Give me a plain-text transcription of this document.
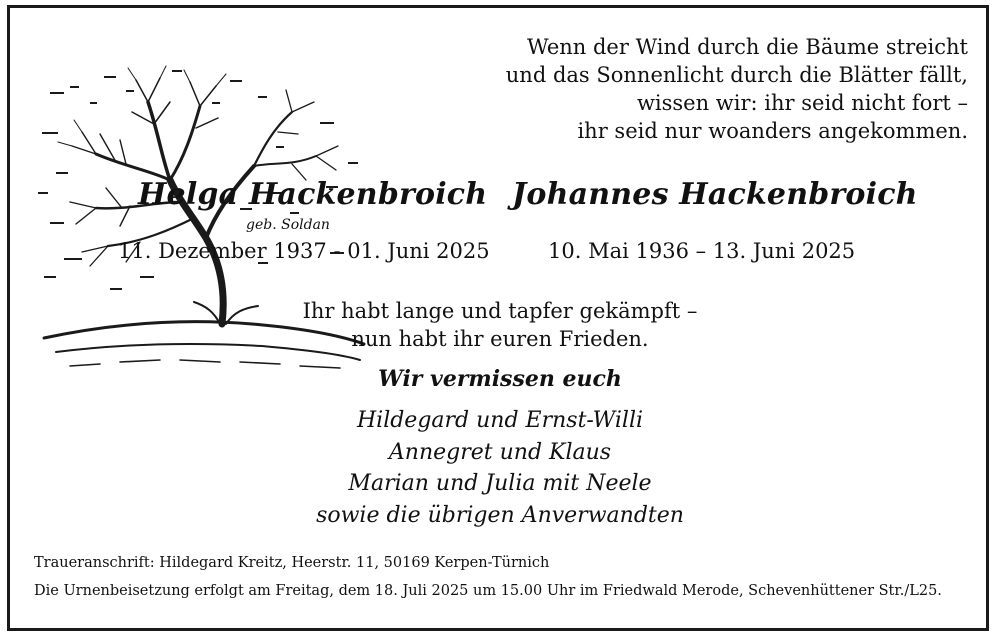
Wenn der Wind durch die Bäume streicht
und das Sonnenlicht durch die Blätter fällt,
wissen wir: ihr seid nicht fort –
ihr seid nur woanders angekommen.
Helga Hackenbroich
geb. Soldan
11. Dezember 1937 - 01. Juni 2025
Johannes Hackenbroich
10. Mai 1936 – 13. Juni 2025
Ihr habt lange und tapfer gekämpft –
nun habt ihr euren Frieden.
Wir vermissen euch
Hildegard und Ernst-Willi
Annegret und Klaus
Marian und Julia mit Neele
sowie die übrigen Anverwandten
Traueranschrift: Hildegard Kreitz, Heerstr. 11, 50169 Kerpen-Türnich
Die Urnenbeisetzung erfolgt am Freitag, dem 18. Juli 2025 um 15.00 Uhr im Friedwald Merode, Schevenhüttener Str./L25.
